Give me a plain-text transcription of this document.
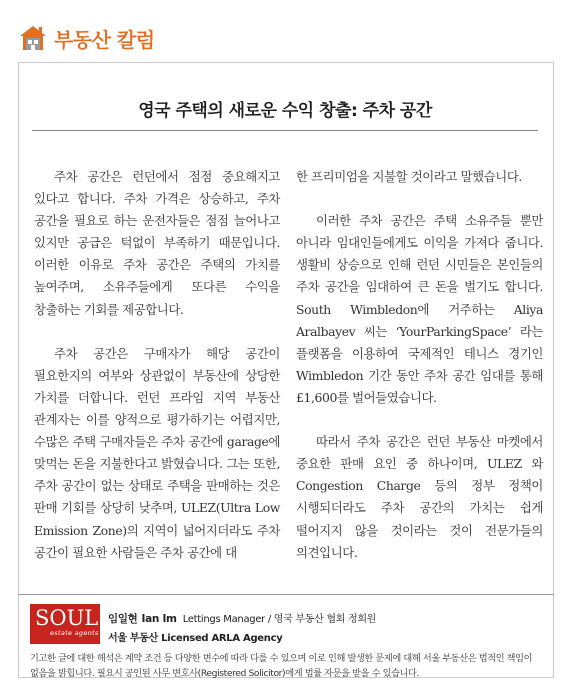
부동산 칼럼
영국 주택의 새로운 수익 창출: 주차 공간

주차 공간은 런던에서 점점 중요해지고 있다고 합니다. 주차 가격은 상승하고, 주차 공간을 필요로 하는 운전자들은 점점 늘어나고 있지만 공급은 턱없이 부족하기 때문입니다. 이러한 이유로 주차 공간은 주택의 가치를 높여주며, 소유주들에게 또다른 수익을 창출하는 기회를 제공합니다.

주차 공간은 구매자가 해당 공간이 필요한지의 여부와 상관없이 부동산에 상당한 가치를 더합니다. 런던 프라임 지역 부동산 관계자는 이를 양적으로 평가하기는 어렵지만, 수많은 주택 구매자들은 주차 공간에 garage에 맞먹는 돈을 지불한다고 밝혔습니다. 그는 또한, 주차 공간이 없는 상태로 주택을 판매하는 것은 판매 기회를 상당히 낮추며, ULEZ(Ultra Low Emission Zone)의 지역이 넓어지더라도 주차 공간이 필요한 사람들은 주차 공간에 대

한 프리미엄을 지불할 것이라고 말했습니다.

이러한 주차 공간은 주택 소유주들 뿐만 아니라 임대인들에게도 이익을 가져다 줍니다. 생활비 상승으로 인해 런던 시민들은 본인들의 주차 공간을 임대하여 큰 돈을 벌기도 합니다. South Wimbledon에 거주하는 Aliya Aralbayev 씨는 ‘YourParkingSpace’ 라는 플랫폼을 이용하여 국제적인 테니스 경기인 Wimbledon 기간 동안 주차 공간 임대를 통해 £1,600를 벌어들였습니다.

따라서 주차 공간은 런던 부동산 마켓에서 중요한 판매 요인 중 하나이며, ULEZ 와 Congestion Charge 등의 정부 정책이 시행되더라도 주차 공간의 가치는 쉽게 떨어지지 않을 것이라는 것이 전문가들의 의견입니다.

SOUL
estate agents
임일현 Ian Im Lettings Manager / 영국 부동산 협회 정회원
서울 부동산 Licensed ARLA Agency
기고한 글에 대한 해석은 계약 조건 등 다양한 변수에 따라 다를 수 있으며 이로 인해 발생한 문제에 대해 서울 부동산은 법적인 책임이 없음을 밝힙니다. 필요시 공인된 사무 변호사(Registered Solicitor)에게 법률 자문을 받을 수 있습니다.
